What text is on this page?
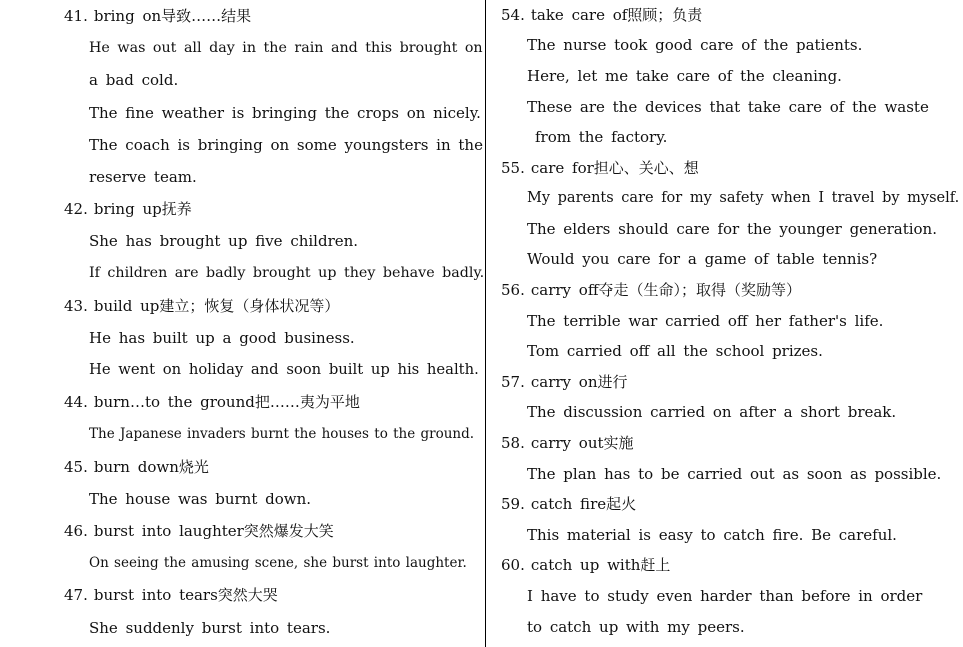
41. bring on导致……结果
He was out all day in the rain and this brought on
a bad cold.
The fine weather is bringing the crops on nicely.
The coach is bringing on some youngsters in the
reserve team.
42. bring up抚养
She has brought up five children.
If children are badly brought up they behave badly.
43. build up建立；恢复（身体状况等）
He has built up a good business.
He went on holiday and soon built up his health.
44. burn…to the ground把……夷为平地
The Japanese invaders burnt the houses to the ground.
45. burn down烧光
The house was burnt down.
46. burst into laughter突然爆发大笑
On seeing the amusing scene, she burst into laughter.
47. burst into tears突然大哭
She suddenly burst into tears.
54. take care of照顾；负责
The nurse took good care of the patients.
Here, let me take care of the cleaning.
These are the devices that take care of the waste
from the factory.
55. care for担心、关心、想
My parents care for my safety when I travel by myself.
The elders should care for the younger generation.
Would you care for a game of table tennis?
56. carry off夺走（生命）；取得（奖励等）
The terrible war carried off her father's life.
Tom carried off all the school prizes.
57. carry on进行
The discussion carried on after a short break.
58. carry out实施
The plan has to be carried out as soon as possible.
59. catch fire起火
This material is easy to catch fire. Be careful.
60. catch up with赶上
I have to study even harder than before in order
to catch up with my peers.
